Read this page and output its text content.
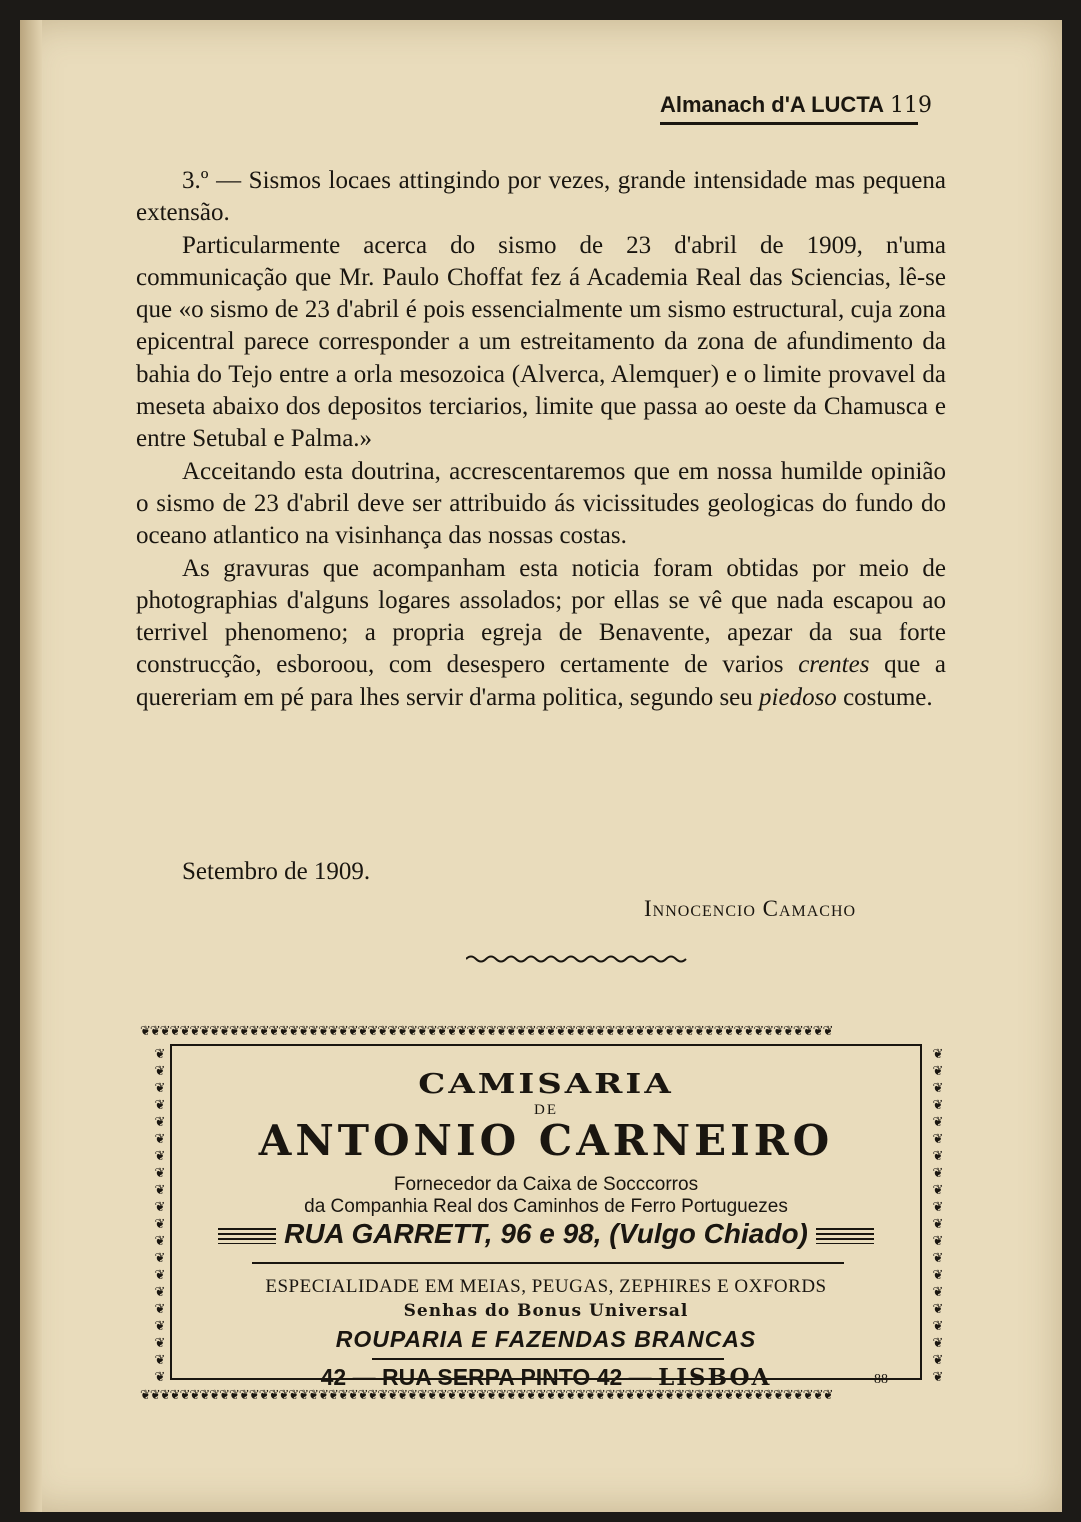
Almanach d'A LUCTA 119

3.º — Sismos locaes attingindo por vezes, grande intensidade mas pequena extensão.

Particularmente acerca do sismo de 23 d'abril de 1909, n'uma communicação que Mr. Paulo Choffat fez á Academia Real das Sciencias, lê-se que «o sismo de 23 d'abril é pois essencialmente um sismo estructural, cuja zona epicentral parece corresponder a um estreitamento da zona de afundimento da bahia do Tejo entre a orla mesozoica (Alverca, Alemquer) e o limite provavel da meseta abaixo dos depositos terciarios, limite que passa ao oeste da Chamusca e entre Setubal e Palma.»

Acceitando esta doutrina, accrescentaremos que em nossa humilde opinião o sismo de 23 d'abril deve ser attribuido ás vicissitudes geologicas do fundo do oceano atlantico na visinhança das nossas costas.

As gravuras que acompanham esta noticia foram obtidas por meio de photographias d'alguns logares assolados; por ellas se vê que nada escapou ao terrivel phenomeno; a propria egreja de Benavente, apezar da sua forte construcção, esboroou, com desespero certamente de varios crentes que a quereriam em pé para lhes servir d'arma politica, segundo seu piedoso costume.

Setembro de 1909.
Innocencio Camacho
❦❦❦❦❦❦❦❦❦❦❦❦❦❦❦❦❦❦❦❦❦❦❦❦❦❦❦❦❦❦❦❦❦❦❦❦❦❦❦❦❦❦❦❦❦❦❦❦❦❦❦❦❦❦❦❦❦❦❦❦❦❦❦❦❦❦❦❦❦❦
❦❦❦❦❦❦❦❦❦❦❦❦❦❦❦❦❦❦❦❦❦❦❦❦❦❦❦❦❦❦❦❦❦❦❦❦❦❦❦❦❦❦❦❦❦❦❦❦❦❦❦❦❦❦❦❦❦❦❦❦❦❦❦❦❦❦❦❦❦❦
❦❦❦❦❦❦❦❦❦❦❦❦❦❦❦❦❦❦❦❦
❦❦❦❦❦❦❦❦❦❦❦❦❦❦❦❦❦❦❦❦
CAMISARIA
DE
ANTONIO CARNEIRO
Fornecedor da Caixa de Socccorros
da Companhia Real dos Caminhos de Ferro Portuguezes
RUA GARRETT, 96 e 98, (Vulgo Chiado)
ESPECIALIDADE EM MEIAS, PEUGAS, ZEPHIRES E OXFORDS
Senhas do Bonus Universal
ROUPARIA E FAZENDAS BRANCAS
42 — RUA SERPA PINTO 42 — LISBOA	88
